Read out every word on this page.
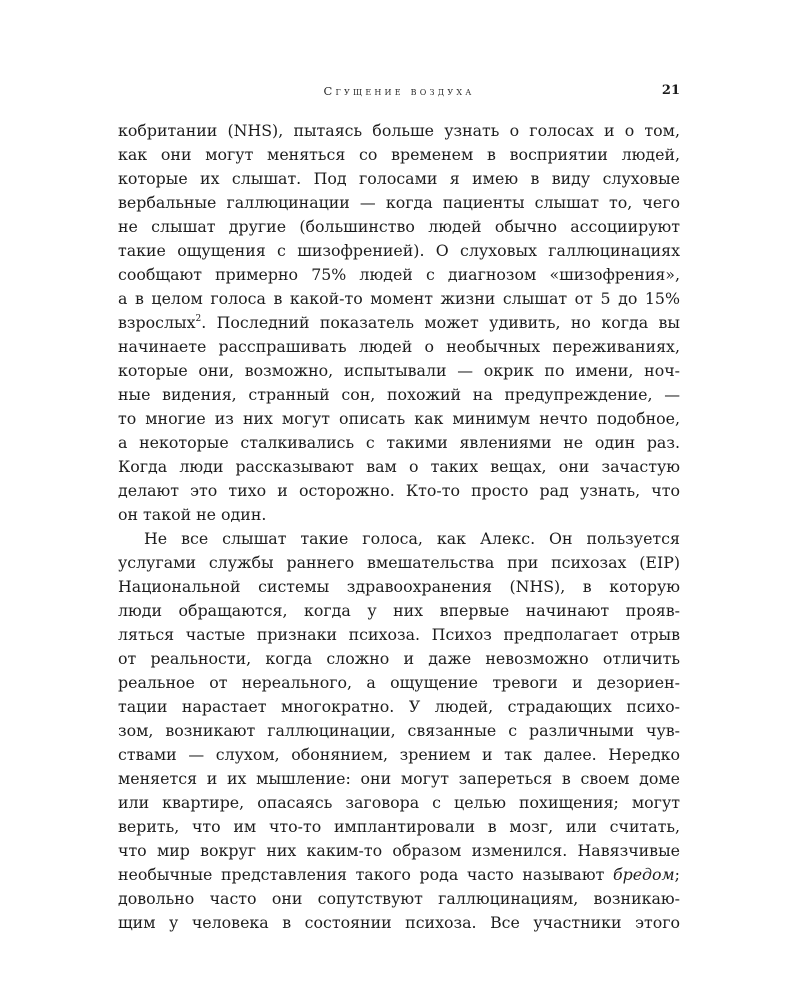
Сгущение воздуха	21
кобритании (NHS), пытаясь больше узнать о голосах и о том,
как они могут меняться со временем в восприятии людей,
которые их слышат. Под голосами я имею в виду слуховые
вербальные галлюцинации — когда пациенты слышат то, чего
не слышат другие (большинство людей обычно ассоциируют
такие ощущения с шизофренией). О слуховых галлюцинациях
сообщают примерно 75% людей с диагнозом «шизофрения»,
а в целом голоса в какой-то момент жизни слышат от 5 до 15%
взрослых$^2$. Последний показатель может удивить, но когда вы
начинаете расспрашивать людей о необычных переживаниях,
которые они, возможно, испытывали — окрик по имени, ноч-
ные видения, странный сон, похожий на предупреждение, —
то многие из них могут описать как минимум нечто подобное,
а некоторые сталкивались с такими явлениями не один раз.
Когда люди рассказывают вам о таких вещах, они зачастую
делают это тихо и осторожно. Кто-то просто рад узнать, что
он такой не один.
Не все слышат такие голоса, как Алекс. Он пользуется
услугами службы раннего вмешательства при психозах (EIP)
Национальной системы здравоохранения (NHS), в которую
люди обращаются, когда у них впервые начинают прояв-
ляться частые признаки психоза. Психоз предполагает отрыв
от реальности, когда сложно и даже невозможно отличить
реальное от нереального, а ощущение тревоги и дезориен-
тации нарастает многократно. У людей, страдающих психо-
зом, возникают галлюцинации, связанные с различными чув-
ствами — слухом, обонянием, зрением и так далее. Нередко
меняется и их мышление: они могут запереться в своем доме
или квартире, опасаясь заговора с целью похищения; могут
верить, что им что-то имплантировали в мозг, или считать,
что мир вокруг них каким-то образом изменился. Навязчивые
необычные представления такого рода часто называют бредом;
довольно часто они сопутствуют галлюцинациям, возникаю-
щим у человека в состоянии психоза. Все участники этого
